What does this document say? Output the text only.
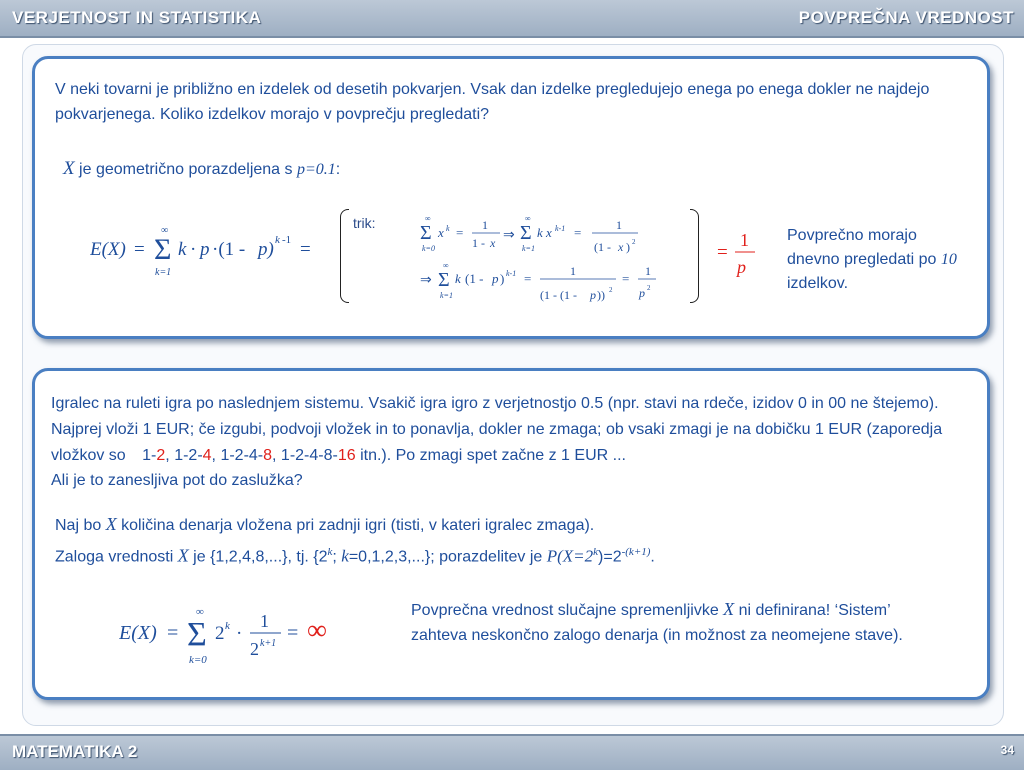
VERJETNOST IN STATISTIKA	POVPREČNA VREDNOST
V neki tovarni je približno en izdelek od desetih pokvarjen. Vsak dan izdelke pregledujejo enega po enega dokler ne najdejo pokvarjenega. Koliko izdelkov morajo v povprečju pregledati?
X je geometrično porazdeljena s p=0.1:
E(X) = Σ
∞
k=1
k · p ·(1 - p) k -1 =
trik: Σ
∞
k=0
x k = 1
1 - x ⇒ Σ
∞
k=1
k x k-1 =	1
(1 - x ) 2
⇒ Σ
∞
k=1
k (1 - p ) k-1 =	1
(1 - (1 - p )) 2
= 1
p 2
=
1
p
Povprečno morajo dnevno pregledati po 10 izdelkov.
Igralec na ruleti igra po naslednjem sistemu. Vsakič igra igro z verjetnostjo 0.5 (npr. stavi na rdeče, izidov 0 in 00 ne štejemo). Najprej vloži 1 EUR; če izgubi, podvoji vložek in to ponavlja, dokler ne zmaga; ob vsaki zmagi je na dobičku 1 EUR (zaporedja vložkov so 1-2, 1-2-4, 1-2-4-8, 1-2-4-8-16 itn.). Po zmagi spet začne z 1 EUR ...
Ali je to zanesljiva pot do zaslužka?
Naj bo X količina denarja vložena pri zadnji igri (tisti, v kateri igralec zmaga).
Zaloga vrednosti X je {1,2,4,8,...}, tj. {2$^k$; k=0,1,2,3,...}; porazdelitev je $P(X=2^k)=2^{-(k+1)}$.
E(X) = Σ
∞
k=0
2 k ·
1
2 k+1 = ∞
Povprečna vrednost slučajne spremenljivke X ni definirana! ‘Sistem’ zahteva neskončno zalogo denarja (in možnost za neomejene stave).
MATEMATIKA 2	34
